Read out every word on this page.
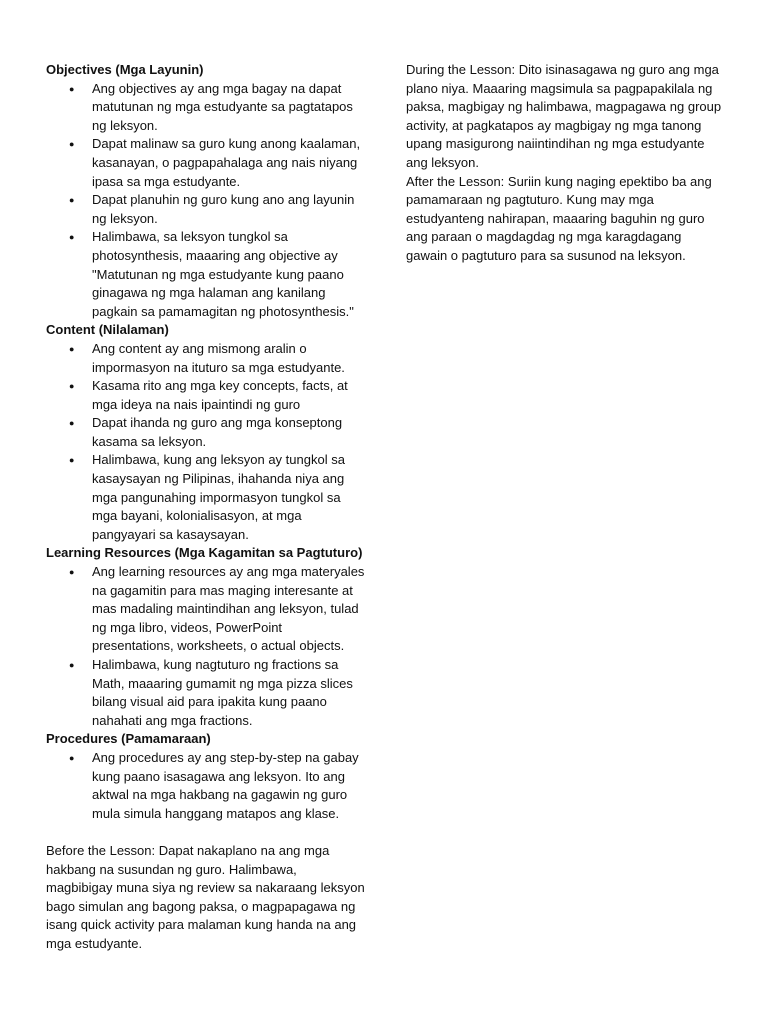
Objectives (Mga Layunin)

● Ang objectives ay ang mga bagay na dapat matutunan ng mga estudyante sa pagtatapos ng leksyon.
● Dapat malinaw sa guro kung anong kaalaman, kasanayan, o pagpapahalaga ang nais niyang ipasa sa mga estudyante.
● Dapat planuhin ng guro kung ano ang layunin ng leksyon.
● Halimbawa, sa leksyon tungkol sa photosynthesis, maaaring ang objective ay "Matutunan ng mga estudyante kung paano ginagawa ng mga halaman ang kanilang pagkain sa pamamagitan ng photosynthesis."

Content (Nilalaman)

● Ang content ay ang mismong aralin o impormasyon na ituturo sa mga estudyante.
● Kasama rito ang mga key concepts, facts, at mga ideya na nais ipaintindi ng guro
● Dapat ihanda ng guro ang mga konseptong kasama sa leksyon.
● Halimbawa, kung ang leksyon ay tungkol sa kasaysayan ng Pilipinas, ihahanda niya ang mga pangunahing impormasyon tungkol sa mga bayani, kolonialisasyon, at mga pangyayari sa kasaysayan.

Learning Resources (Mga Kagamitan sa Pagtuturo)

● Ang learning resources ay ang mga materyales na gagamitin para mas maging interesante at mas madaling maintindihan ang leksyon, tulad ng mga libro, videos, PowerPoint presentations, worksheets, o actual objects.
● Halimbawa, kung nagtuturo ng fractions sa Math, maaaring gumamit ng mga pizza slices bilang visual aid para ipakita kung paano nahahati ang mga fractions.

Procedures (Pamamaraan)

● Ang procedures ay ang step-by-step na gabay kung paano isasagawa ang leksyon. Ito ang aktwal na mga hakbang na gagawin ng guro mula simula hanggang matapos ang klase.

Before the Lesson: Dapat nakaplano na ang mga hakbang na susundan ng guro. Halimbawa, magbibigay muna siya ng review sa nakaraang leksyon bago simulan ang bagong paksa, o magpapagawa ng isang quick activity para malaman kung handa na ang mga estudyante.

During the Lesson: Dito isinasagawa ng guro ang mga plano niya. Maaaring magsimula sa pagpapakilala ng paksa, magbigay ng halimbawa, magpagawa ng group activity, at pagkatapos ay magbigay ng mga tanong upang masigurong naiintindihan ng mga estudyante ang leksyon.

After the Lesson: Suriin kung naging epektibo ba ang pamamaraan ng pagtuturo. Kung may mga estudyanteng nahirapan, maaaring baguhin ng guro ang paraan o magdagdag ng mga karagdagang gawain o pagtuturo para sa susunod na leksyon.
